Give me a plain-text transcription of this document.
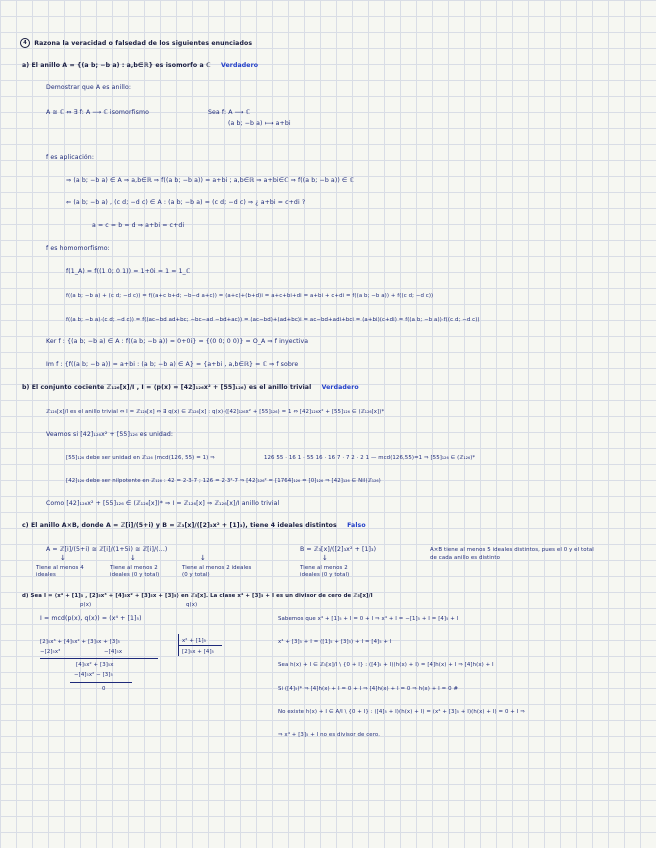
4 Razona la veracidad o falsedad de los siguientes enunciados
a) El anillo A = {(a b; −b a) : a,b∈ℝ} es isomorfo a ℂ Verdadero
Demostrar que A es anillo:
A ≅ ℂ ⇔ ∃ f: A ⟶ ℂ isomorfismo	Sea f: A ⟶ ℂ
(a b; −b a) ⟼ a+bi
f es aplicación:
⇒ (a b; −b a) ∈ A ⇒ a,b∈ℝ ⇒ f((a b; −b a)) = a+bi ; a,b∈ℝ ⇒ a+bi∈ℂ ⇒ f((a b; −b a)) ∈ ℂ
⇐ (a b; −b a) , (c d; −d c) ∈ A : (a b; −b a) = (c d; −d c) ⇒ ¿ a+bi = c+di ?
a = c = b = d ⇒ a+bi = c+di
f es homomorfismo:
f(1_A) = f((1 0; 0 1)) = 1+0i = 1 = 1_ℂ
f((a b; −b a) + (c d; −d c)) = f((a+c b+d; −b−d a+c)) = (a+c)+(b+d)i = a+c+bi+di = a+bi + c+di = f((a b; −b a)) + f((c d; −d c))
f((a b; −b a)·(c d; −d c)) = f((ac−bd ad+bc; −bc−ad −bd+ac)) = (ac−bd)+(ad+bc)i = ac−bd+adi+bci = (a+bi)(c+di) = f((a b; −b a))·f((c d; −d c))
Ker f : {(a b; −b a) ∈ A : f((a b; −b a)) = 0+0i} = {(0 0; 0 0)} = O_A ⇒ f inyectiva
Im f : {f((a b; −b a)) = a+bi : (a b; −b a) ∈ A} = {a+bi , a,b∈ℝ} = ℂ ⇒ f sobre
b) El conjunto cociente ℤ₁₂₆[x]/I , I = ⟨p(x) = [42]₁₂₆x² + [55]₁₂₆⟩ es el anillo trivial Verdadero
ℤ₁₂₆[x]/I es el anillo trivial ⇔ I = ℤ₁₂₆[x] ⇔ ∃ q(x) ∈ ℤ₁₂₆[x] : q(x)·([42]₁₂₆x² + [55]₁₂₆) = 1 ⇔ [42]₁₂₆x² + [55]₁₂₆ ∈ (ℤ₁₂₆[x])*
Veamos si [42]₁₂₆x² + [55]₁₂₆ es unidad:
[55]₁₂₆ debe ser unidad en ℤ₁₂₆ (mcd(126, 55) = 1) ⇒	126 55 · 16 1 · 55 16 · 16 7 · 7 2 · 2 1 — mcd(126,55)=1 ⇒ [55]₁₂₆ ∈ (ℤ₁₂₆)*
[42]₁₂₆ debe ser nilpotente en ℤ₁₂₆ : 42 = 2·3·7 ; 126 = 2·3²·7 ⇒ [42]₁₂₆² = [1764]₁₂₆ = [0]₁₂₆ ⇒ [42]₁₂₆ ∈ Nil(ℤ₁₂₆)
Como [42]₁₂₆x² + [55]₁₂₆ ∈ (ℤ₁₂₆[x])* ⇒ I = ℤ₁₂₆[x] ⇒ ℤ₁₂₆[x]/I anillo trivial
c) El anillo A×B, donde A = ℤ[i]/(5+i) y B = ℤ₃[x]/([2]₃x² + [1]₃), tiene 4 ideales distintos Falso
A = ℤ[i]/(5+i) ≅ ℤ[i]/(1+5i) ≅ ℤ[i]/(...)	B = ℤ₃[x]/([2]₃x² + [1]₃)
↓	↓	↓	↓
Tiene al menos 4 ideales
Tiene al menos 2 ideales (0 y total)
Tiene al menos 2 ideales (0 y total)
Tiene al menos 2 ideales (0 y total)
A×B tiene al menos 5 ideales distintos, pues el 0 y el total de cada anillo es distinto
d) Sea I = ⟨x⁴ + [1]₅ , [2]₅x³ + [4]₅x² + [3]₅x + [3]₅⟩ en ℤ₅[x]. La clase x⁴ + [3]₅ + I es un divisor de cero de ℤ₅[x]/I
p(x)	q(x)
I = mcd(p(x), q(x)) = (x⁴ + [1]₅)
[2]₅x³ + [4]₅x² + [3]₅x + [3]₅
−[2]₅x³	−[4]₅x
[4]₅x² + [3]₅x
−[4]₅x² − [3]₅
0
x² + [1]₅
[2]₅x + [4]₅
Sabemos que x⁴ + [1]₅ + I = 0 + I ⇒ x⁴ + I = −[1]₅ + I = [4]₅ + I
x⁴ + [3]₅ + I = ([1]₅ + [3]₅) + I = [4]₅ + I
Sea h(x) + I ∈ ℤ₅[x]/I \ {0 + I} : ([4]₅ + I)(h(x) + I) = [4]h(x) + I ⇒ [4]h(x) + I
Si ([4]₅)* ⇒ [4]h(x) + I = 0 + I ⇒ [4]h(x) + I = 0 ⇒ h(x) + I = 0 #
No existe h(x) + I ∈ A/I \ {0 + I} : ([4]₅ + I)(h(x) + I) = (x⁴ + [3]₅ + I)(h(x) + I) = 0 + I ⇒
⇒ x⁴ + [3]₅ + I no es divisor de cero.
